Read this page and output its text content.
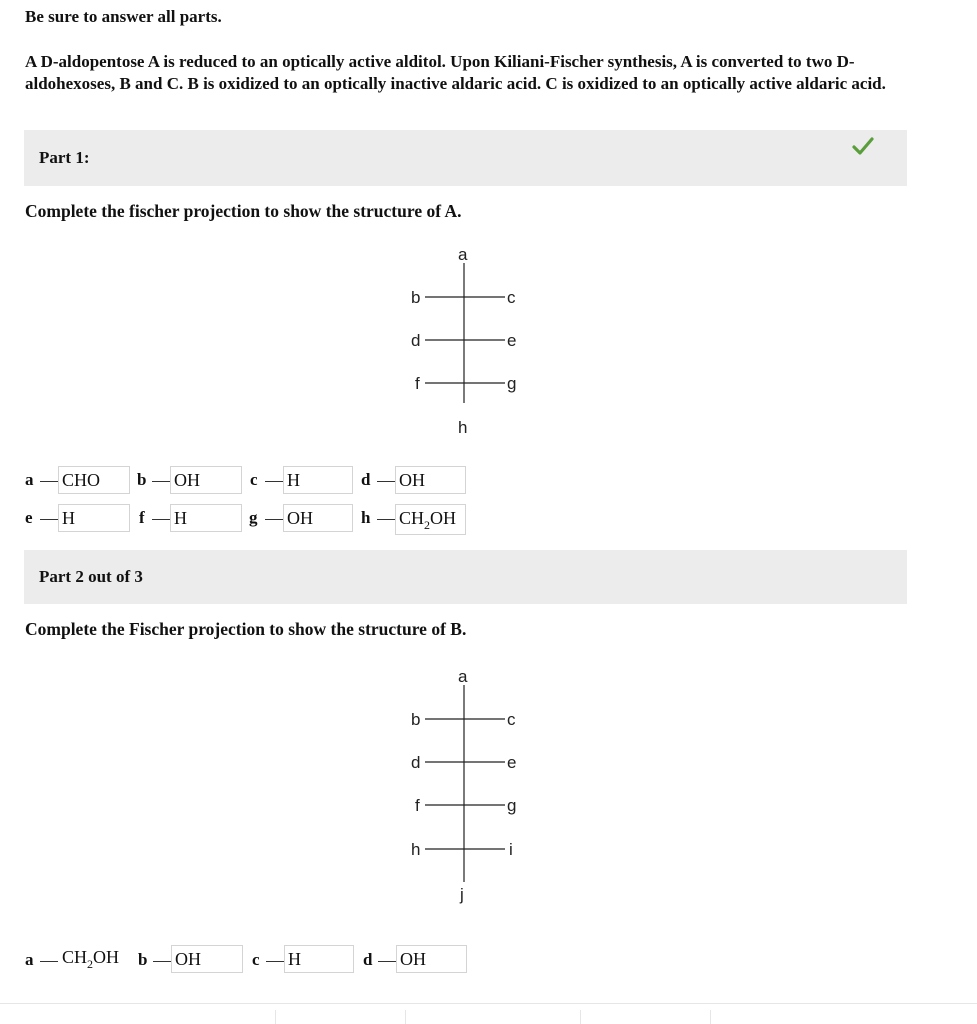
Be sure to answer all parts.
A D-aldopentose A is reduced to an optically active alditol. Upon Kiliani-Fischer synthesis, A is converted to two D-aldohexoses, B and C. B is oxidized to an optically inactive aldaric acid. C is oxidized to an optically active aldaric acid.
Part 1:
Complete the fischer projection to show the structure of A.
a
b	c
d	e
f	g
h
a CHO	b OH	c H	d OH
e H	f H	g OH	h $CH_2OH$
Part 2 out of 3
Complete the Fischer projection to show the structure of B.
a
b	c
d	e
f	g
h	i
j
a $CH_2OH$	b OH	c H	d OH
